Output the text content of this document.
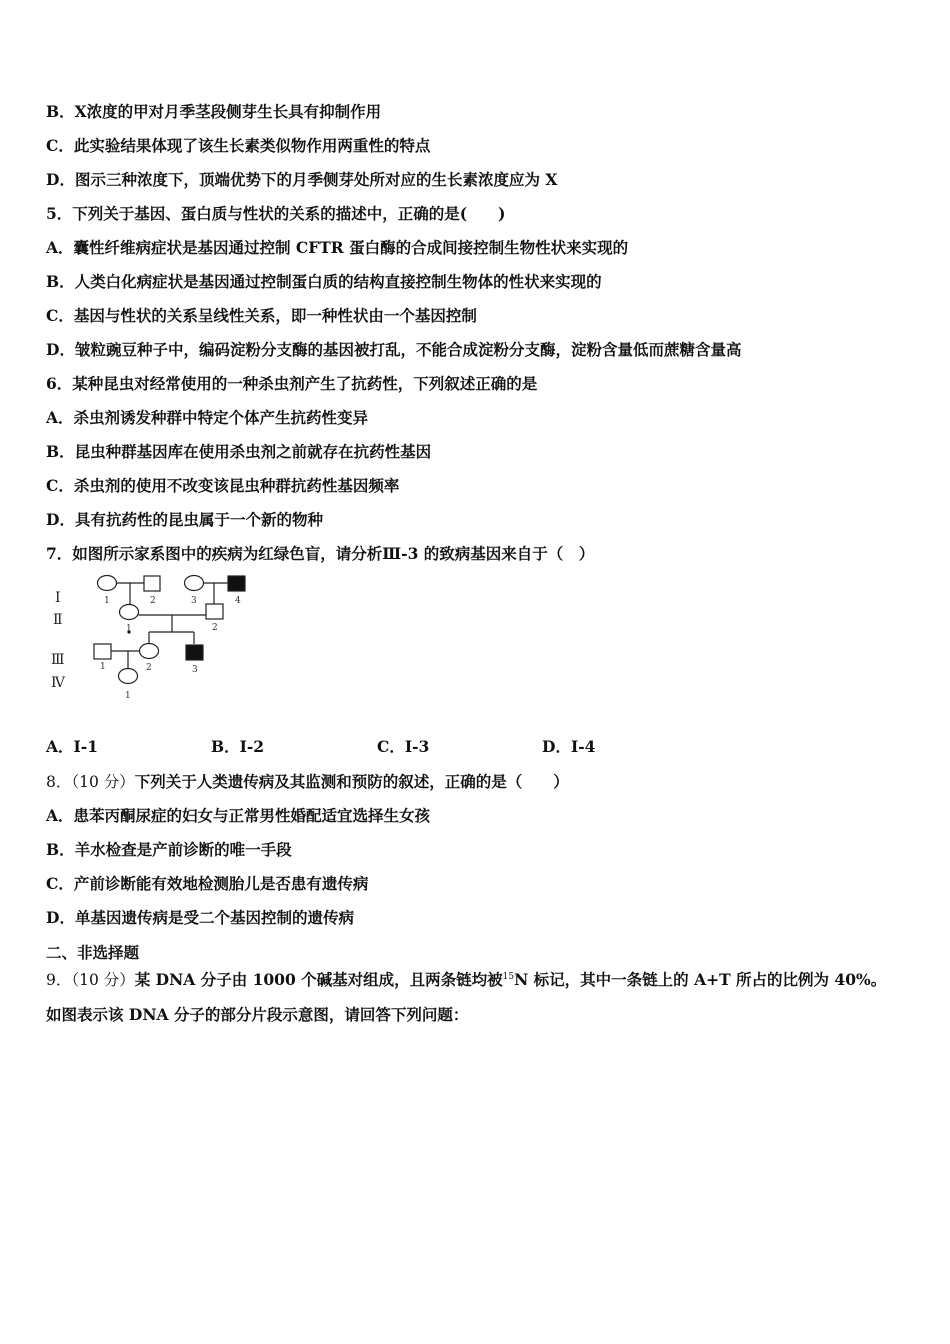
B．X浓度的甲对月季茎段侧芽生长具有抑制作用
C．此实验结果体现了该生长素类似物作用两重性的特点
D．图示三种浓度下，顶端优势下的月季侧芽处所对应的生长素浓度应为 X
5．下列关于基因、蛋白质与性状的关系的描述中，正确的是(　　)
A．囊性纤维病症状是基因通过控制 CFTR 蛋白酶的合成间接控制生物性状来实现的
B．人类白化病症状是基因通过控制蛋白质的结构直接控制生物体的性状来实现的
C．基因与性状的关系呈线性关系，即一种性状由一个基因控制
D．皱粒豌豆种子中，编码淀粉分支酶的基因被打乱，不能合成淀粉分支酶，淀粉含量低而蔗糖含量高
6．某种昆虫对经常使用的一种杀虫剂产生了抗药性，下列叙述正确的是
A．杀虫剂诱发种群中特定个体产生抗药性变异
B．昆虫种群基因库在使用杀虫剂之前就存在抗药性基因
C．杀虫剂的使用不改变该昆虫种群抗药性基因频率
D．具有抗药性的昆虫属于一个新的物种
7．如图所示家系图中的疾病为红绿色盲，请分析Ⅲ-3 的致病基因来自于（　）
Ⅰ
Ⅱ
Ⅲ
Ⅳ
1	2	3	4
1	2
1	2	3
1
A．Ⅰ-1	B．Ⅰ-2	C．Ⅰ-3	D．Ⅰ-4
8．（10 分）下列关于人类遗传病及其监测和预防的叙述，正确的是（　　）
A．患苯丙酮尿症的妇女与正常男性婚配适宜选择生女孩
B．羊水检查是产前诊断的唯一手段
C．产前诊断能有效地检测胎儿是否患有遗传病
D．单基因遗传病是受二个基因控制的遗传病
二、非选择题
9．（10 分）某 DNA 分子由 1000 个碱基对组成，且两条链均被$^{15}$N 标记，其中一条链上的 A+T 所占的比例为 40%。
如图表示该 DNA 分子的部分片段示意图，请回答下列问题：
